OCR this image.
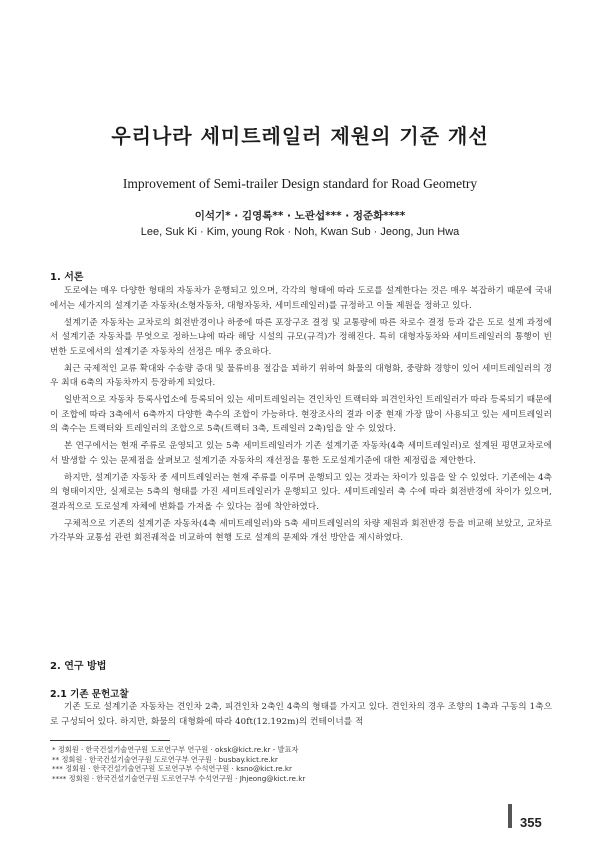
우리나라 세미트레일러 제원의 기준 개선
Improvement of Semi-trailer Design standard for Road Geometry
이석기* · 김영록** · 노관섭*** · 정준화****
Lee, Suk Ki · Kim, young Rok · Noh, Kwan Sub · Jeong, Jun Hwa
1. 서론

도로에는 매우 다양한 형태의 자동차가 운행되고 있으며, 각각의 형태에 따라 도로를 설계한다는 것은 매우 복잡하기 때문에 국내에서는 세가지의 설계기준 자동차(소형자동차, 대형자동차, 세미트레일러)를 규정하고 이들 제원을 정하고 있다.

설계기준 자동차는 교차로의 회전반경이나 하중에 따른 포장구조 결정 및 교통량에 따른 차로수 결정 등과 같은 도로 설계 과정에서 설계기준 자동차를 무엇으로 정하느냐에 따라 해당 시설의 규모(규격)가 정해진다. 특히 대형자동차와 세미트레일러의 통행이 빈번한 도로에서의 설계기준 자동차의 선정은 매우 중요하다.

최근 국제적인 교류 확대와 수송량 증대 및 물류비용 절감을 꾀하기 위하여 화물의 대형화, 중량화 경향이 있어 세미트레일러의 경우 최대 6축의 자동차까지 등장하게 되었다.

일반적으로 자동차 등록사업소에 등록되어 있는 세미트레일러는 견인차인 트랙터와 피견인차인 트레일러가 따라 등록되기 때문에 이 조합에 따라 3축에서 6축까지 다양한 축수의 조합이 가능하다. 현장조사의 결과 이중 현재 가장 많이 사용되고 있는 세미트레일러의 축수는 트랙터와 트레일러의 조합으로 5축(트랙터 3축, 트레일러 2축)임을 알 수 있었다.

본 연구에서는 현재 주류로 운영되고 있는 5축 세미트레일러가 기존 설계기준 자동차(4축 세미트레일러)로 설계된 평면교차로에서 발생할 수 있는 문제점을 살펴보고 설계기준 자동차의 재선정을 통한 도로설계기준에 대한 제정립을 제안한다.

하지만, 설계기준 자동차 중 세미트레일러는 현재 주류를 이루며 운행되고 있는 것과는 차이가 있음을 알 수 있었다. 기존에는 4축의 형태이지만, 실제로는 5축의 형태를 가진 세미트레일러가 운행되고 있다. 세미트레일러 축 수에 따라 회전반경에 차이가 있으며, 결과적으로 도로설계 자체에 변화를 가져올 수 있다는 점에 착안하였다.

구체적으로 기존의 설계기준 자동차(4축 세미트레일러)와 5축 세미트레일러의 차량 제원과 회전반경 등을 비교해 보았고, 교차로 가각부와 교통섬 관련 회전궤적을 비교하여 현행 도로 설계의 문제와 개선 방안을 제시하였다.

2. 연구 방법
2.1 기존 문헌고찰

기존 도로 설계기준 자동차는 견인차 2축, 피견인차 2축인 4축의 형태를 가지고 있다. 견인차의 경우 조향의 1축과 구동의 1축으로 구성되어 있다. 하지만, 화물의 대형화에 따라 40ft(12.192m)의 컨테이너를 적

* 정회원 · 한국건설기술연구원 도로연구부 연구원 · oksk@kict.re.kr - 발표자
** 정회원 · 한국건설기술연구원 도로연구부 연구원 · busbay.kict.re.kr
*** 정회원 · 한국건설기술연구원 도로연구부 수석연구원 · ksno@kict.re.kr
**** 정회원 · 한국건설기술연구원 도로연구부 수석연구원 · Jhjeong@kict.re.kr
355
